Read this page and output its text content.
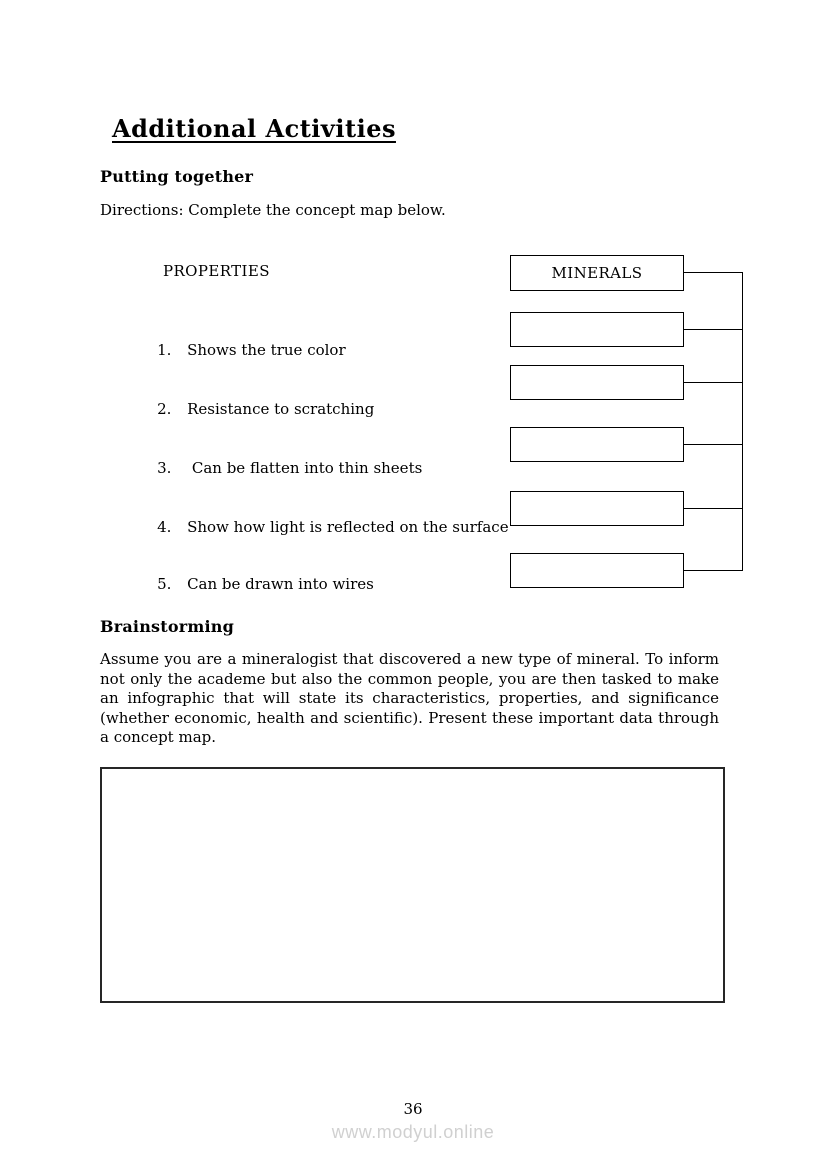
Additional Activities
Putting together
Directions: Complete the concept map below.
PROPERTIES	MINERALS

1. Shows the true color

2. Resistance to scratching

3. Can be flatten into thin sheets

4. Show how light is reflected on the surface

5. Can be drawn into wires

Brainstorming

Assume you are a mineralogist that discovered a new type of mineral. To inform not only the academe but also the common people, you are then tasked to make an infographic that will state its characteristics, properties, and significance (whether economic, health and scientific). Present these important data through a concept map.

36
www.modyul.online
